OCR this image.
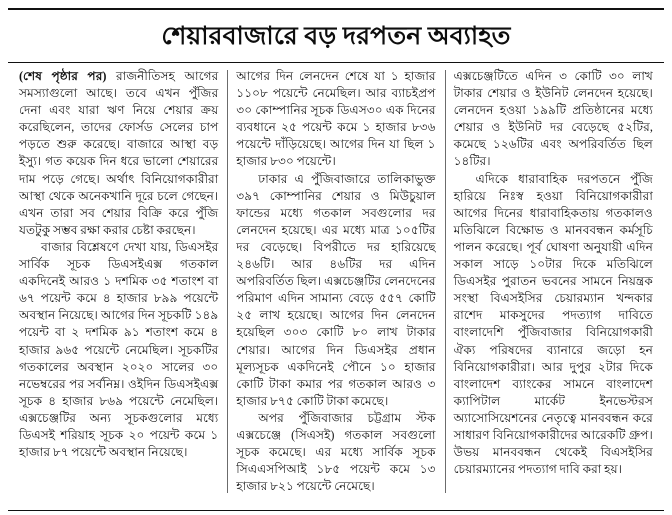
শেয়ারবাজারে বড় দরপতন অব্যাহত

(শেষ পৃষ্ঠার পর) রাজনীতিসহ আগের সমস্যাগুলো আছে। তবে এখন পুঁজির দেনা এবং যারা ঋণ নিয়ে শেয়ার ক্রয় করেছিলেন, তাদের ফোর্সড সেলের চাপ পড়তে শুরু করেছে। বাজারে আস্থা বড় ইস্যু। গত কয়েক দিন ধরে ভালো শেয়ারের দাম পড়ে গেছে। অর্থাৎ বিনিয়োগকারীরা আস্থা থেকে অনেকখানি দূরে চলে গেছেন। এখন তারা সব শেয়ার বিক্রি করে পুঁজি যতটুকু সম্ভব রক্ষা করার চেষ্টা করছেন।

বাজার বিশ্লেষণে দেখা যায়, ডিএসইর সার্বিক সূচক ডিএসইএক্স গতকাল একদিনেই আরও ১ দশমিক ৩৫ শতাংশ বা ৬৭ পয়েন্ট কমে ৪ হাজার ৮৯৯ পয়েন্টে অবস্থান নিয়েছে। আগের দিন সূচকটি ১৪৯ পয়েন্ট বা ২ দশমিক ৯১ শতাংশ কমে ৪ হাজার ৯৬৫ পয়েন্টে নেমেছিল। সূচকটির গতকালের অবস্থান ২০২০ সালের ৩০ নভেম্বরের পর সর্বনিম্ন। ওইদিন ডিএসইএক্স সূচক ৪ হাজার ৮৬৯ পয়েন্টে নেমেছিল। এক্সচেঞ্জটির অন্য সূচকগুলোর মধ্যে ডিএসই শরিয়াহ সূচক ২০ পয়েন্ট কমে ১ হাজার ৮৭ পয়েন্টে অবস্থান নিয়েছে।

আগের দিন লেনদেন শেষে যা ১ হাজার ১১০৮ পয়েন্টে নেমেছিল। আর ব্যাচইপ্রপ ৩০ কোম্পানির সূচক ডিএস৩০ এক দিনের ব্যবধানে ২৫ পয়েন্ট কমে ১ হাজার ৮৩৬ পয়েন্টে দাঁড়িয়েছে। আগের দিন যা ছিল ১ হাজার ৮৩০ পয়েন্টে।

ঢাকার এ পুঁজিবাজারে তালিকাভুক্ত ৩৯৭ কোম্পানির শেয়ার ও মিউচুয়াল ফান্ডের মধ্যে গতকাল সবগুলোর দর লেনদেন হয়েছে। এর মধ্যে মাত্র ১০৫টির দর বেড়েছে। বিপরীতে দর হারিয়েছে ২৪৬টি। আর ৪৬টির দর এদিন অপরিবর্তিত ছিল। এক্সচেঞ্জটির লেনদেনের পরিমাণ এদিন সামান্য বেড়ে ৫৫৭ কোটি ২৫ লাখ হয়েছে। আগের দিন লেনদেন হয়েছিল ৩০৩ কোটি ৮০ লাখ টাকার শেয়ার। আগের দিন ডিএসইর প্রধান মূল্যসূচক একদিনেই পৌনে ১০ হাজার কোটি টাকা কমার পর গতকাল আরও ৩ হাজার ৮৭৫ কোটি টাকা কমেছে।

অপর পুঁজিবাজার চট্টগ্রাম স্টক এক্সচেঞ্জে (সিএসই) গতকাল সবগুলো সূচক কমেছে। এর মধ্যে সার্বিক সূচক সিএএসপিআই ১৮৫ পয়েন্ট কমে ১৩ হাজার ৮২১ পয়েন্টে নেমেছে।

এক্সচেঞ্জটিতে এদিন ৩ কোটি ৩০ লাখ টাকার শেয়ার ও ইউনিট লেনদেন হয়েছে। লেনদেন হওয়া ১৯৯টি প্রতিষ্ঠানের মধ্যে শেয়ার ও ইউনিট দর বেড়েছে ৫২টির, কমেছে ১২৬টির এবং অপরিবর্তিত ছিল ১৪টির।

এদিকে ধারাবাহিক দরপতনে পুঁজি হারিয়ে নিঃস্ব হওয়া বিনিয়োগকারীরা আগের দিনের ধারাবাহিকতায় গতকালও মতিঝিলে বিক্ষোভ ও মানববন্ধন কর্মসূচি পালন করেছে। পূর্ব ঘোষণা অনুযায়ী এদিন সকাল সাড়ে ১০টার দিকে মতিঝিলে ডিএসইর পুরাতন ভবনের সামনে নিয়ন্ত্রক সংস্থা বিএসইসির চেয়ারম্যান খন্দকার রাশেদ মাকসুদের পদত্যাগ দাবিতে বাংলাদেশি পুঁজিবাজার বিনিয়োগকারী ঐক্য পরিষদের ব্যানারে জড়ো হন বিনিয়োগকারীরা। আর দুপুর ২টার দিকে বাংলাদেশ ব্যাংকের সামনে বাংলাদেশ ক্যাপিটাল মার্কেট ইনভেস্টরস অ্যাসোসিয়েশনের নেতৃত্বে মানববন্ধন করে সাধারণ বিনিয়োগকারীদের আরেকটি গ্রুপ। উভয় মানববন্ধন থেকেই বিএসইসির চেয়ারম্যানের পদত্যাগ দাবি করা হয়।
